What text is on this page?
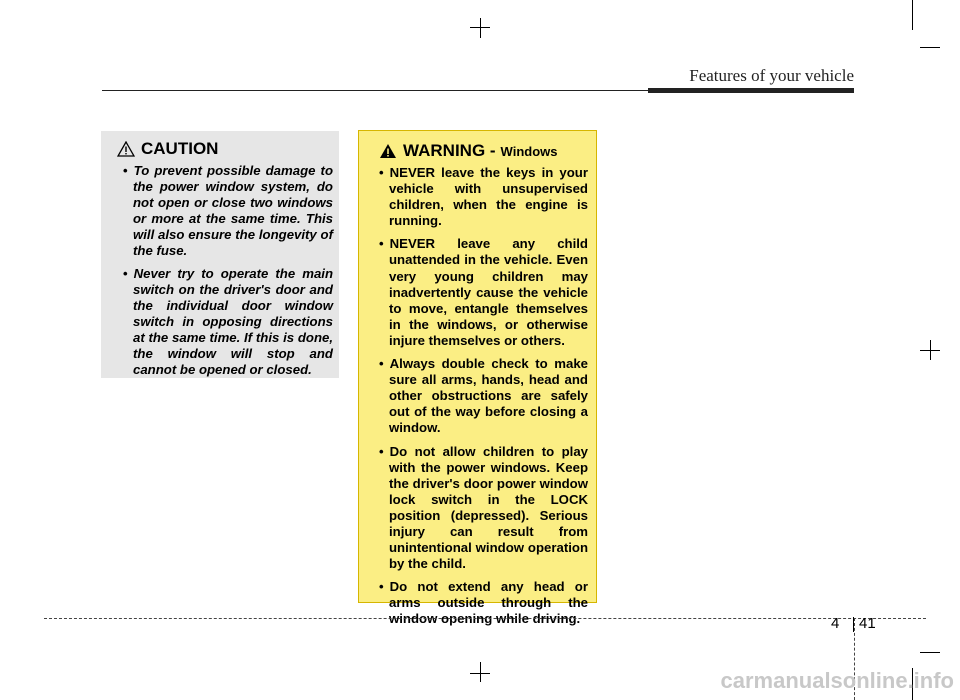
Features of your vehicle
CAUTION
• To prevent possible damage to the power window system, do not open or close two windows or more at the same time. This will also ensure the longevity of the fuse.
• Never try to operate the main switch on the driver's door and the individual door window switch in opposing directions at the same time. If this is done, the window will stop and cannot be opened or closed.
WARNING - Windows
• NEVER leave the keys in your vehicle with unsupervised children, when the engine is running.
• NEVER leave any child unattended in the vehicle. Even very young children may inadvertently cause the vehicle to move, entangle themselves in the windows, or otherwise injure themselves or others.
• Always double check to make sure all arms, hands, head and other obstructions are safely out of the way before closing a window.
• Do not allow children to play with the power windows. Keep the driver's door power window lock switch in the LOCK position (depressed). Serious injury can result from unintentional window operation by the child.
• Do not extend any head or arms outside through the window opening while driving.	4 41
carmanualsonline.info
